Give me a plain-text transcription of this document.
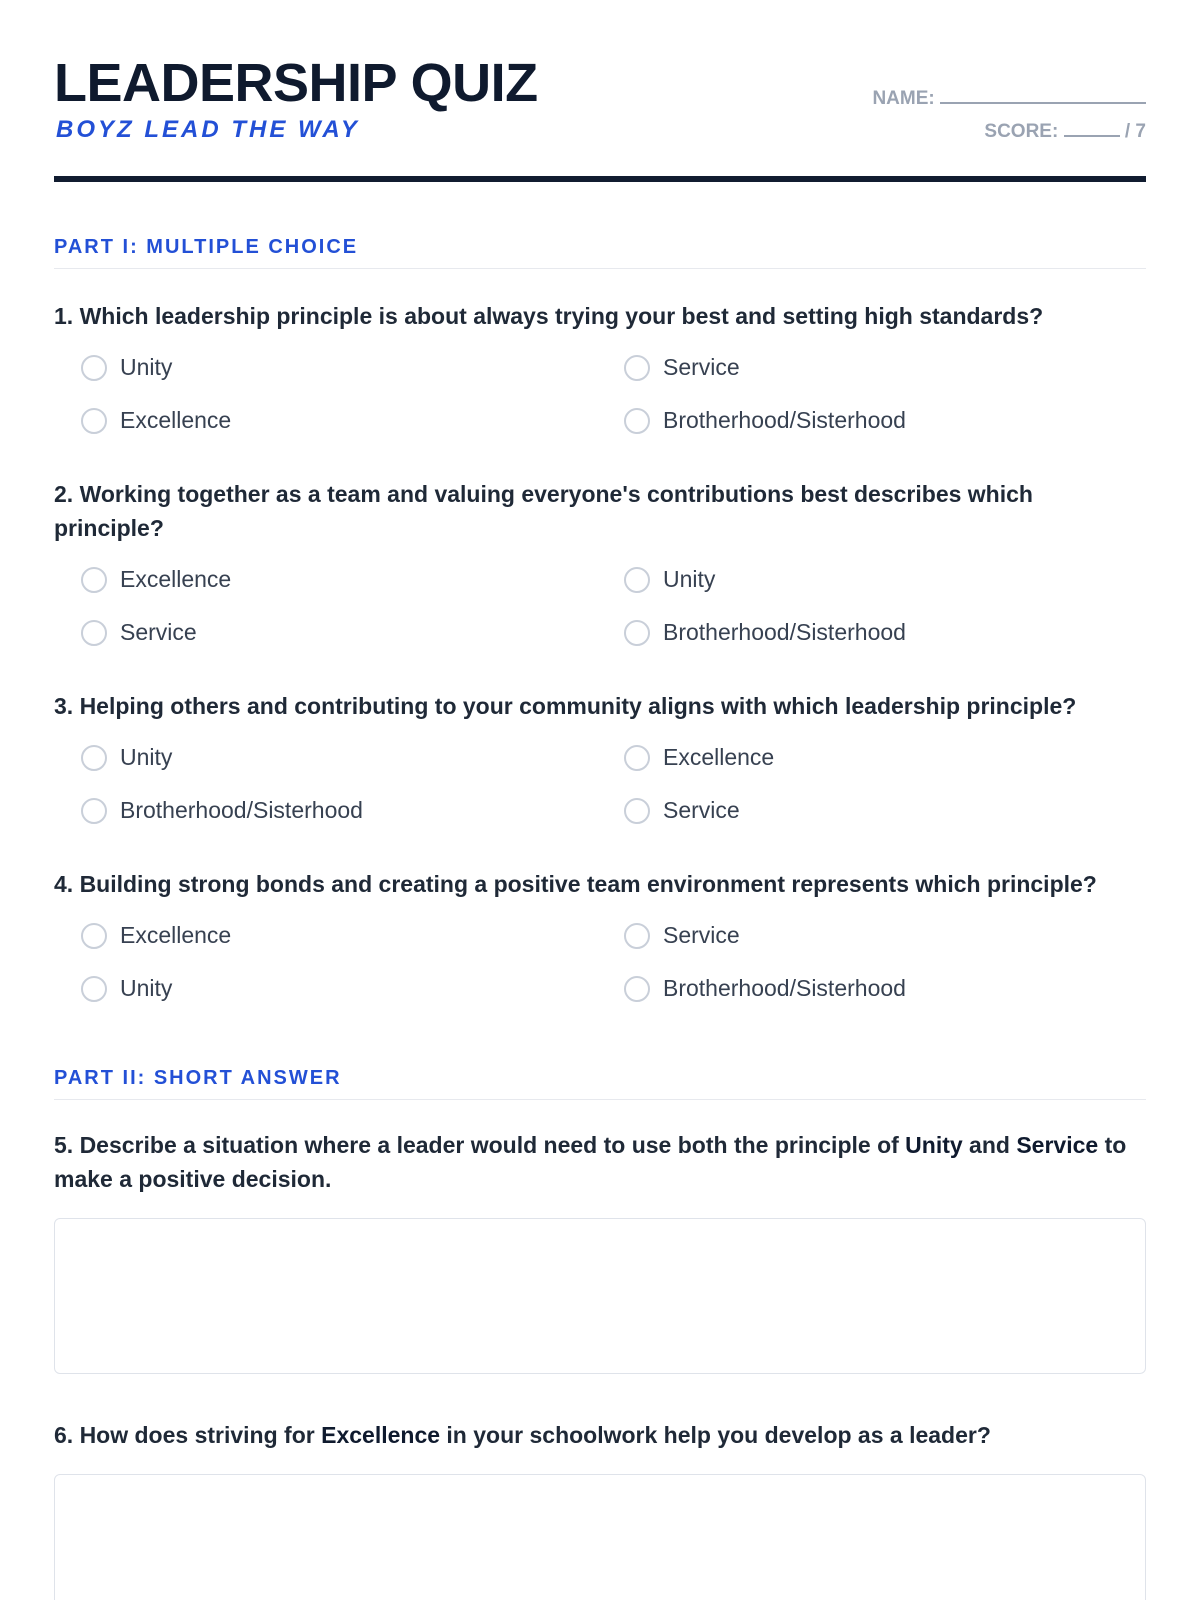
LEADERSHIP QUIZ
BOYZ LEAD THE WAY
NAME:
SCORE:	/ 7
PART I: MULTIPLE CHOICE
1. Which leadership principle is about always trying your best and setting high standards?
Unity	Service
Excellence	Brotherhood/Sisterhood
2. Working together as a team and valuing everyone's contributions best describes which principle?
Excellence	Unity
Service	Brotherhood/Sisterhood
3. Helping others and contributing to your community aligns with which leadership principle?
Unity	Excellence
Brotherhood/Sisterhood	Service
4. Building strong bonds and creating a positive team environment represents which principle?
Excellence	Service
Unity	Brotherhood/Sisterhood
PART II: SHORT ANSWER
5. Describe a situation where a leader would need to use both the principle of Unity and Service to make a positive decision.
6. How does striving for Excellence in your schoolwork help you develop as a leader?
